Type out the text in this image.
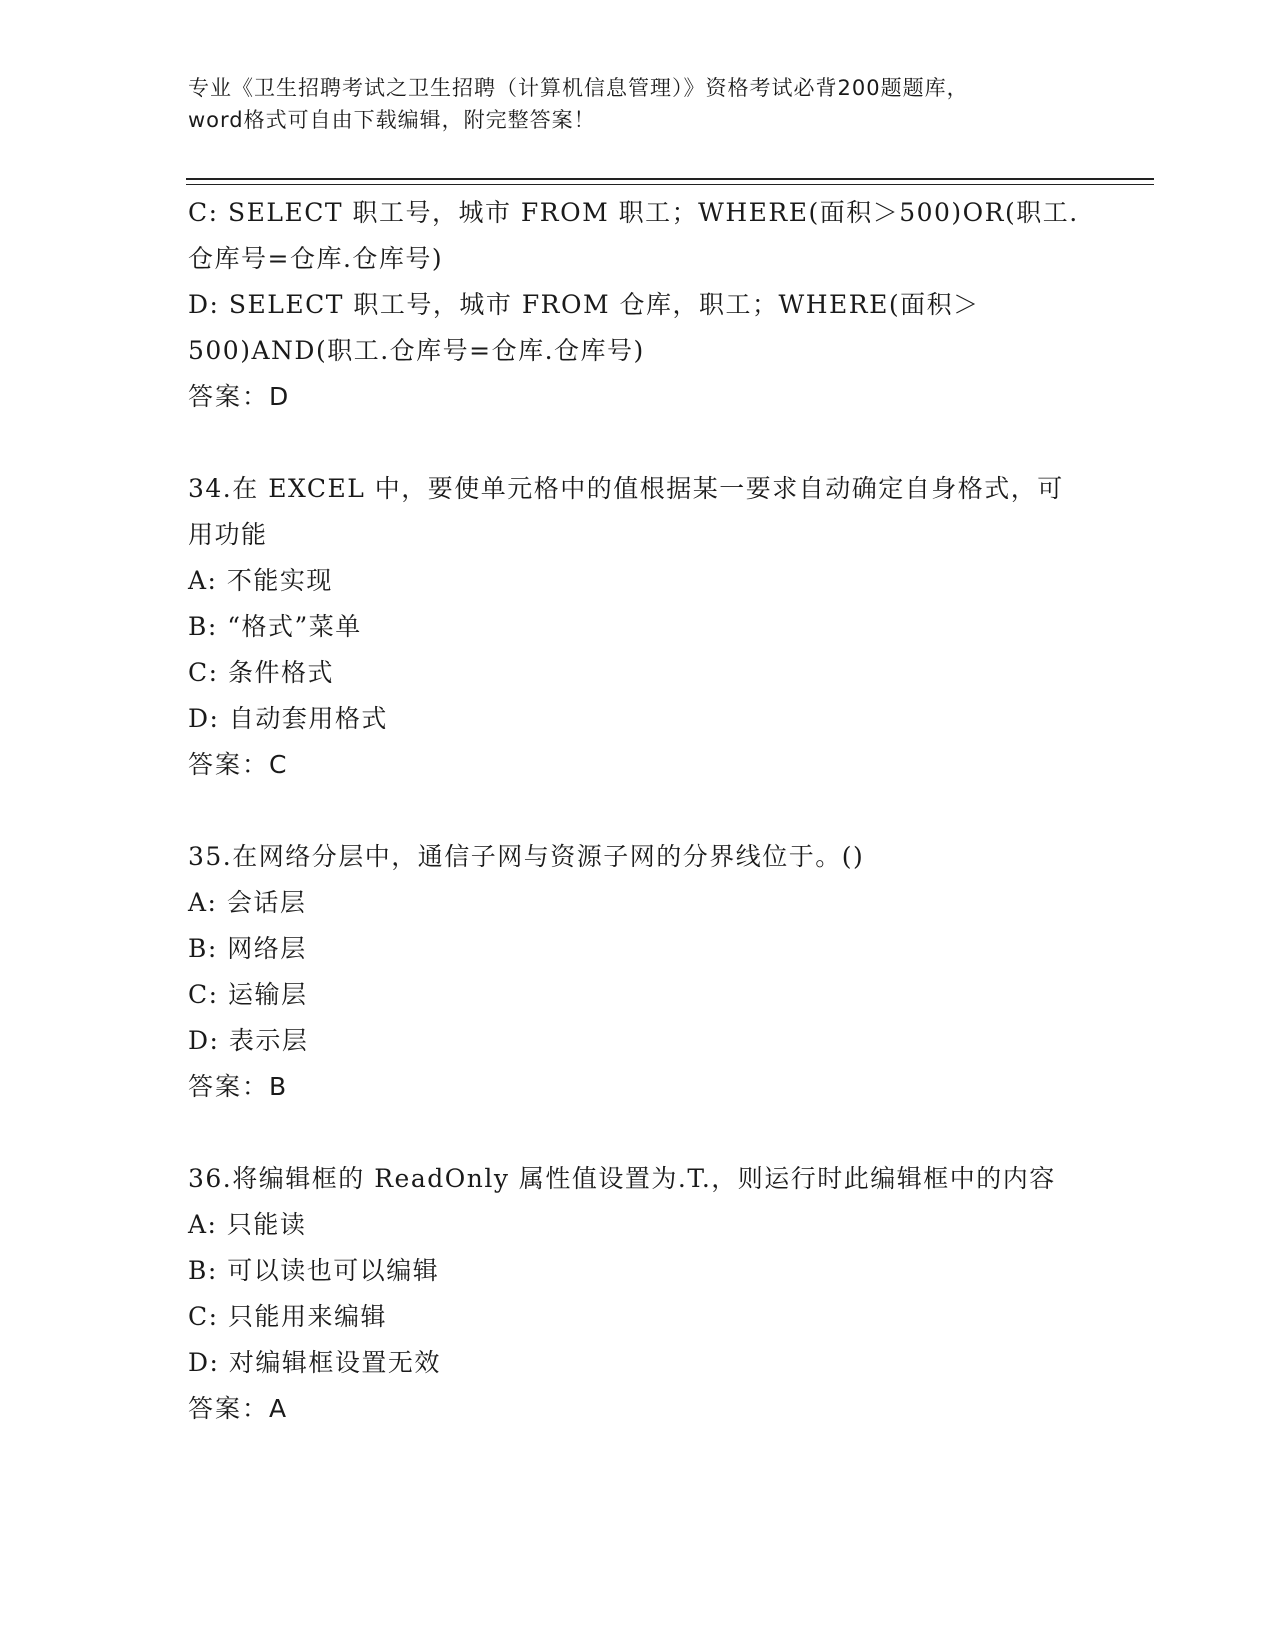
专业《卫生招聘考试之卫生招聘（计算机信息管理）》资格考试必背200题题库，
word格式可自由下载编辑，附完整答案！

C: SELECT 职工号，城市 FROM 职工；WHERE(面积＞500)OR(职工.仓库号=仓库.仓库号)

D: SELECT 职工号，城市 FROM 仓库，职工；WHERE(面积＞500)AND(职工.仓库号=仓库.仓库号)

答案：D

34.在 EXCEL 中，要使单元格中的值根据某一要求自动确定自身格式，可用功能

A: 不能实现

B: “格式”菜单

C: 条件格式

D: 自动套用格式

答案：C

35.在网络分层中，通信子网与资源子网的分界线位于。()

A: 会话层

B: 网络层

C: 运输层

D: 表示层

答案：B

36.将编辑框的 ReadOnly 属性值设置为.T.，则运行时此编辑框中的内容

A: 只能读

B: 可以读也可以编辑

C: 只能用来编辑

D: 对编辑框设置无效

答案：A
